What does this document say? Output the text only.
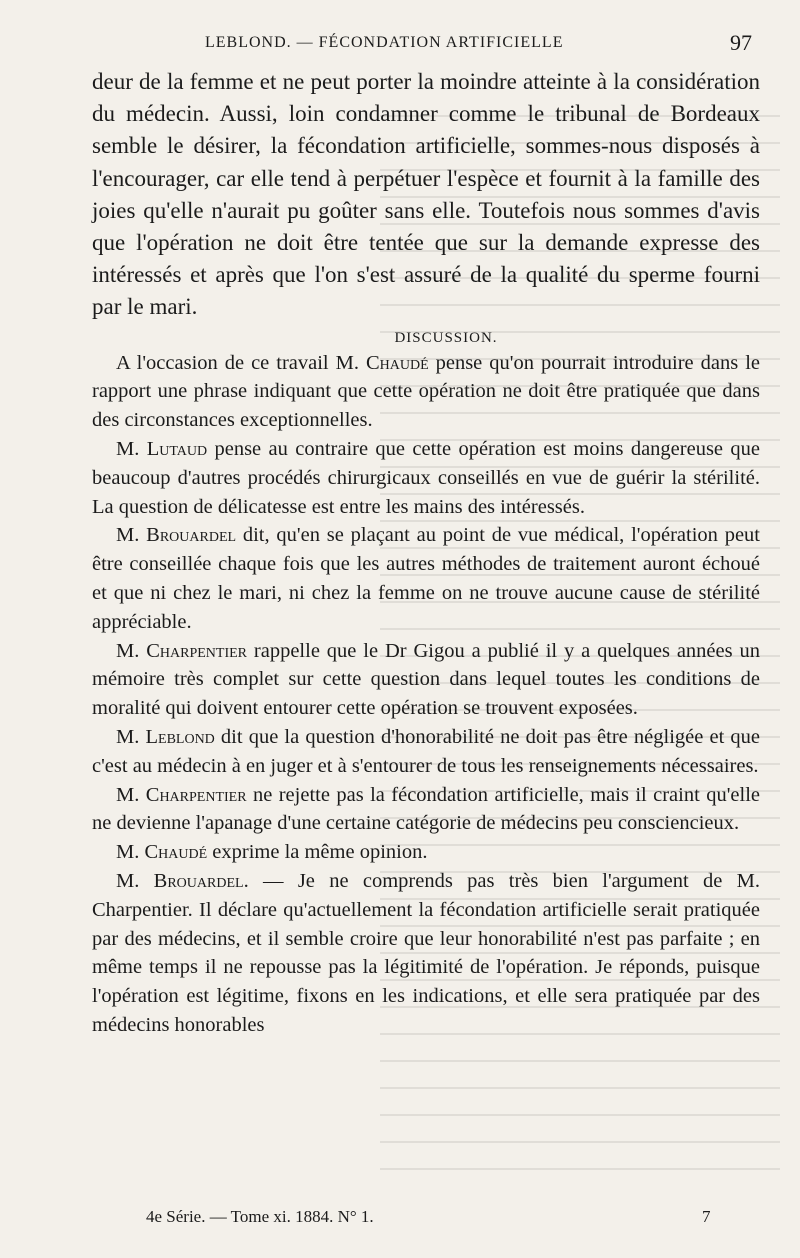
LEBLOND. — FÉCONDATION ARTIFICIELLE	97

deur de la femme et ne peut porter la moindre atteinte à la considération du médecin. Aussi, loin condamner comme le tribunal de Bordeaux semble le désirer, la fécondation artificielle, sommes-nous disposés à l'encourager, car elle tend à perpétuer l'espèce et fournit à la famille des joies qu'elle n'aurait pu goûter sans elle. Toutefois nous sommes d'avis que l'opération ne doit être tentée que sur la demande expresse des intéressés et après que l'on s'est assuré de la qualité du sperme fourni par le mari.

DISCUSSION.

A l'occasion de ce travail M. Chaudé pense qu'on pourrait introduire dans le rapport une phrase indiquant que cette opération ne doit être pratiquée que dans des circonstances exceptionnelles.

M. Lutaud pense au contraire que cette opération est moins dangereuse que beaucoup d'autres procédés chirurgicaux conseillés en vue de guérir la stérilité. La question de délicatesse est entre les mains des intéressés.

M. Brouardel dit, qu'en se plaçant au point de vue médical, l'opération peut être conseillée chaque fois que les autres méthodes de traitement auront échoué et que ni chez le mari, ni chez la femme on ne trouve aucune cause de stérilité appréciable.

M. Charpentier rappelle que le Dr Gigou a publié il y a quelques années un mémoire très complet sur cette question dans lequel toutes les conditions de moralité qui doivent entourer cette opération se trouvent exposées.

M. Leblond dit que la question d'honorabilité ne doit pas être négligée et que c'est au médecin à en juger et à s'entourer de tous les renseignements nécessaires.

M. Charpentier ne rejette pas la fécondation artificielle, mais il craint qu'elle ne devienne l'apanage d'une certaine catégorie de médecins peu consciencieux.

M. Chaudé exprime la même opinion.

M. Brouardel. — Je ne comprends pas très bien l'argument de M. Charpentier. Il déclare qu'actuellement la fécondation artificielle serait pratiquée par des médecins, et il semble croire que leur honorabilité n'est pas parfaite ; en même temps il ne repousse pas la légitimité de l'opération. Je réponds, puisque l'opération est légitime, fixons en les indications, et elle sera pratiquée par des médecins honorables

4e Série. — Tome xi. 1884. N° 1.	7
